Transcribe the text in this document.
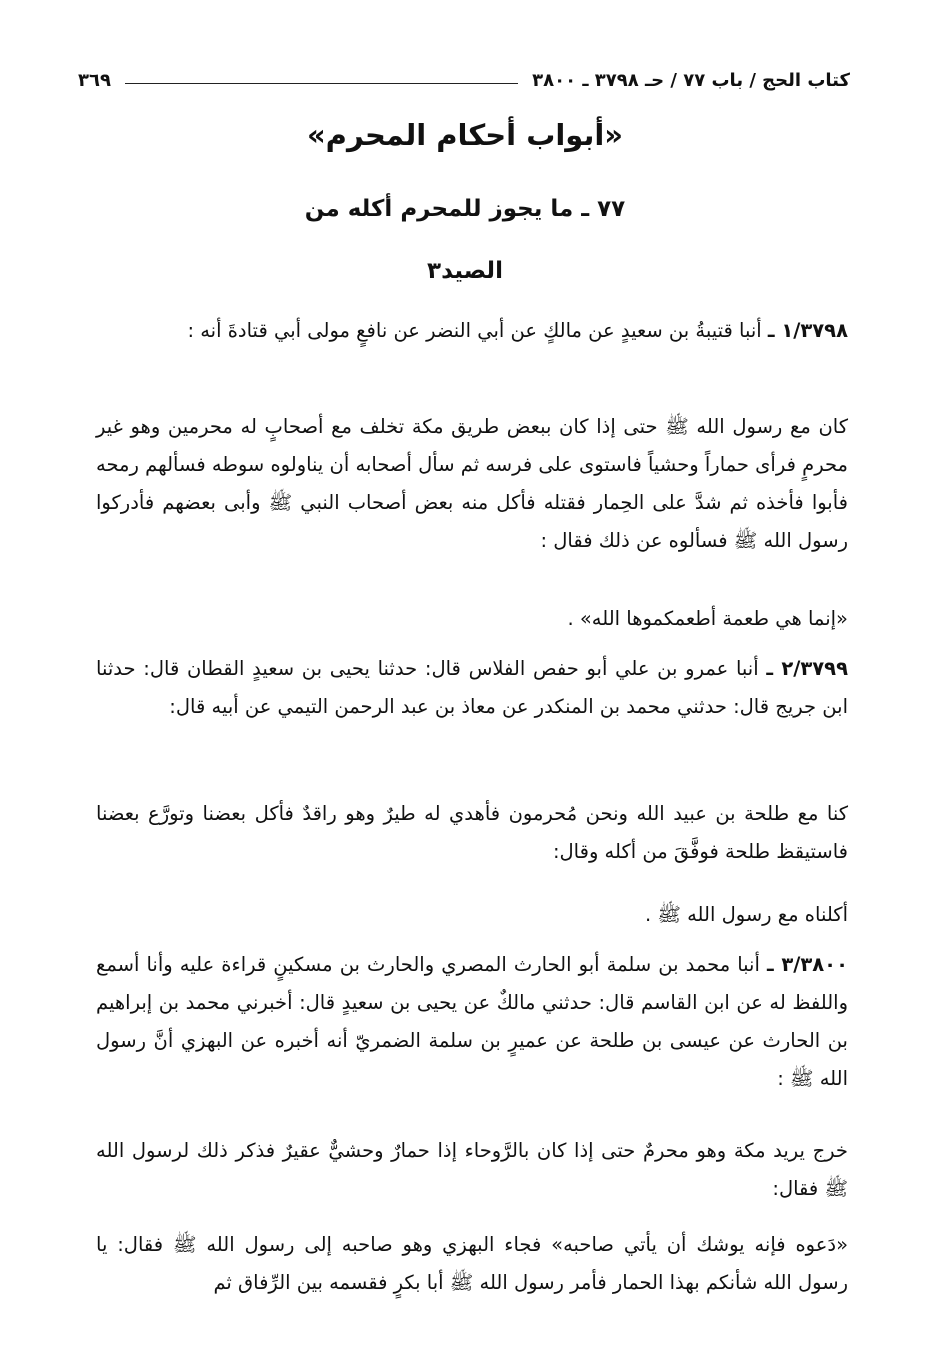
كتاب الحج / باب ٧٧ / حـ ٣٧٩٨ ـ ٣٨٠٠
٣٦٩
«أبواب أحكام المحرم»
٧٧ ـ ما يجوز للمحرم أكله من
الصيد٣
١/٣٧٩٨ ـ أنبا قتيبةُ بن سعيدٍ عن مالكٍ عن أبي النضر عن نافعٍ مولى أبي قتادةَ أنه :
كان مع رسول الله ﷺ حتى إذا كان ببعض طريق مكة تخلف مع أصحابٍ له محرمين وهو غير محرمٍ فرأى حماراً وحشياً فاستوى على فرسه ثم سأل أصحابه أن يناولوه سوطه فسألهم رمحه فأبوا فأخذه ثم شدَّ على الحِمار فقتله فأكل منه بعض أصحاب النبي ﷺ وأبى بعضهم فأدركوا رسول الله ﷺ فسألوه عن ذلك فقال :
«إنما هي طعمة أطعمكموها الله» .
٢/٣٧٩٩ ـ أنبا عمرو بن علي أبو حفص الفلاس قال: حدثنا يحيى بن سعيدٍ القطان قال: حدثنا ابن جريج قال: حدثني محمد بن المنكدر عن معاذ بن عبد الرحمن التيمي عن أبيه قال:
كنا مع طلحة بن عبيد الله ونحن مُحرمون فأهدي له طيرٌ وهو راقدٌ فأكل بعضنا وتورَّع بعضنا فاستيقظ طلحة فوفَّقَ من أكله وقال:
أكلناه مع رسول الله ﷺ .
٣/٣٨٠٠ ـ أنبا محمد بن سلمة أبو الحارث المصري والحارث بن مسكينٍ قراءة عليه وأنا أسمع واللفظ له عن ابن القاسم قال: حدثني مالكٌ عن يحيى بن سعيدٍ قال: أخبرني محمد بن إبراهيم بن الحارث عن عيسى بن طلحة عن عميرٍ بن سلمة الضمريّ أنه أخبره عن البهزي أنَّ رسول الله ﷺ :
خرج يريد مكة وهو محرمٌ حتى إذا كان بالرَّوحاء إذا حمارٌ وحشيٌّ عقيرٌ فذكر ذلك لرسول الله ﷺ فقال:
«دَعوه فإنه يوشك أن يأتي صاحبه» فجاء البهزي وهو صاحبه إلى رسول الله ﷺ فقال: يا رسول الله شأنكم بهذا الحمار فأمر رسول الله ﷺ أبا بكرٍ فقسمه بين الرِّفاق ثم
